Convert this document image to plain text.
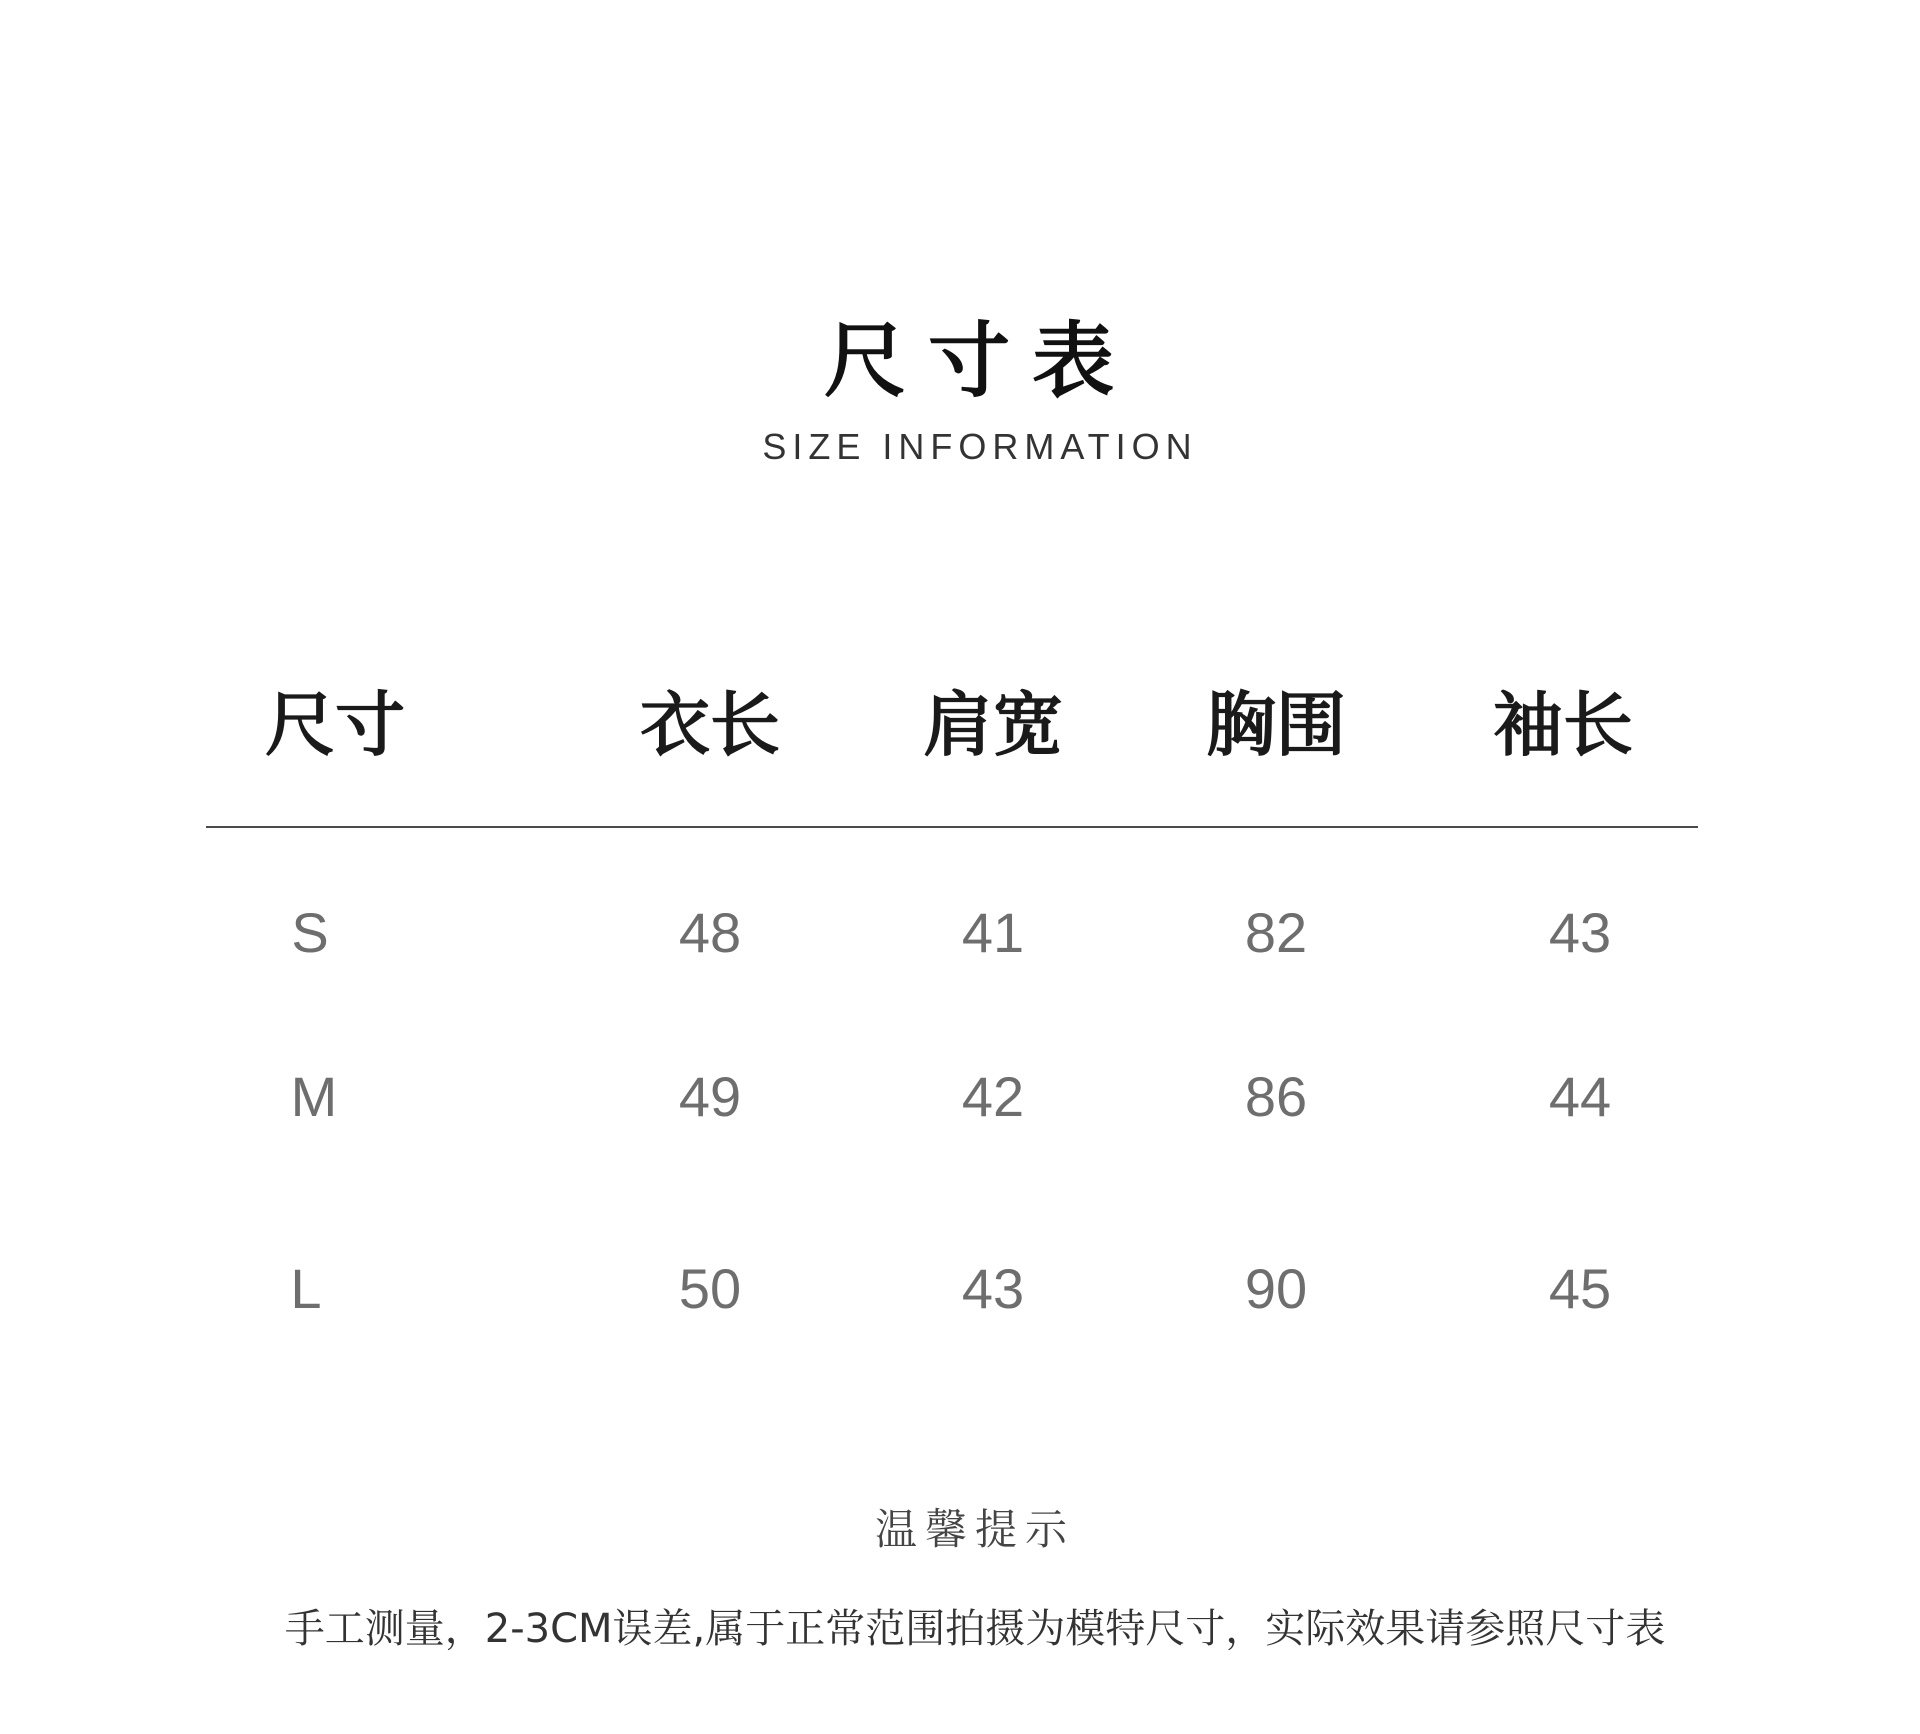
尺寸表
SIZE INFORMATION
尺寸	衣长	肩宽	胸围	袖长
S	48	41	82	43
M	49	42	86	44
L	50	43	90	45
温馨提示
手工测量，2-3CM误差,属于正常范围拍摄为模特尺寸，实际效果请参照尺寸表
